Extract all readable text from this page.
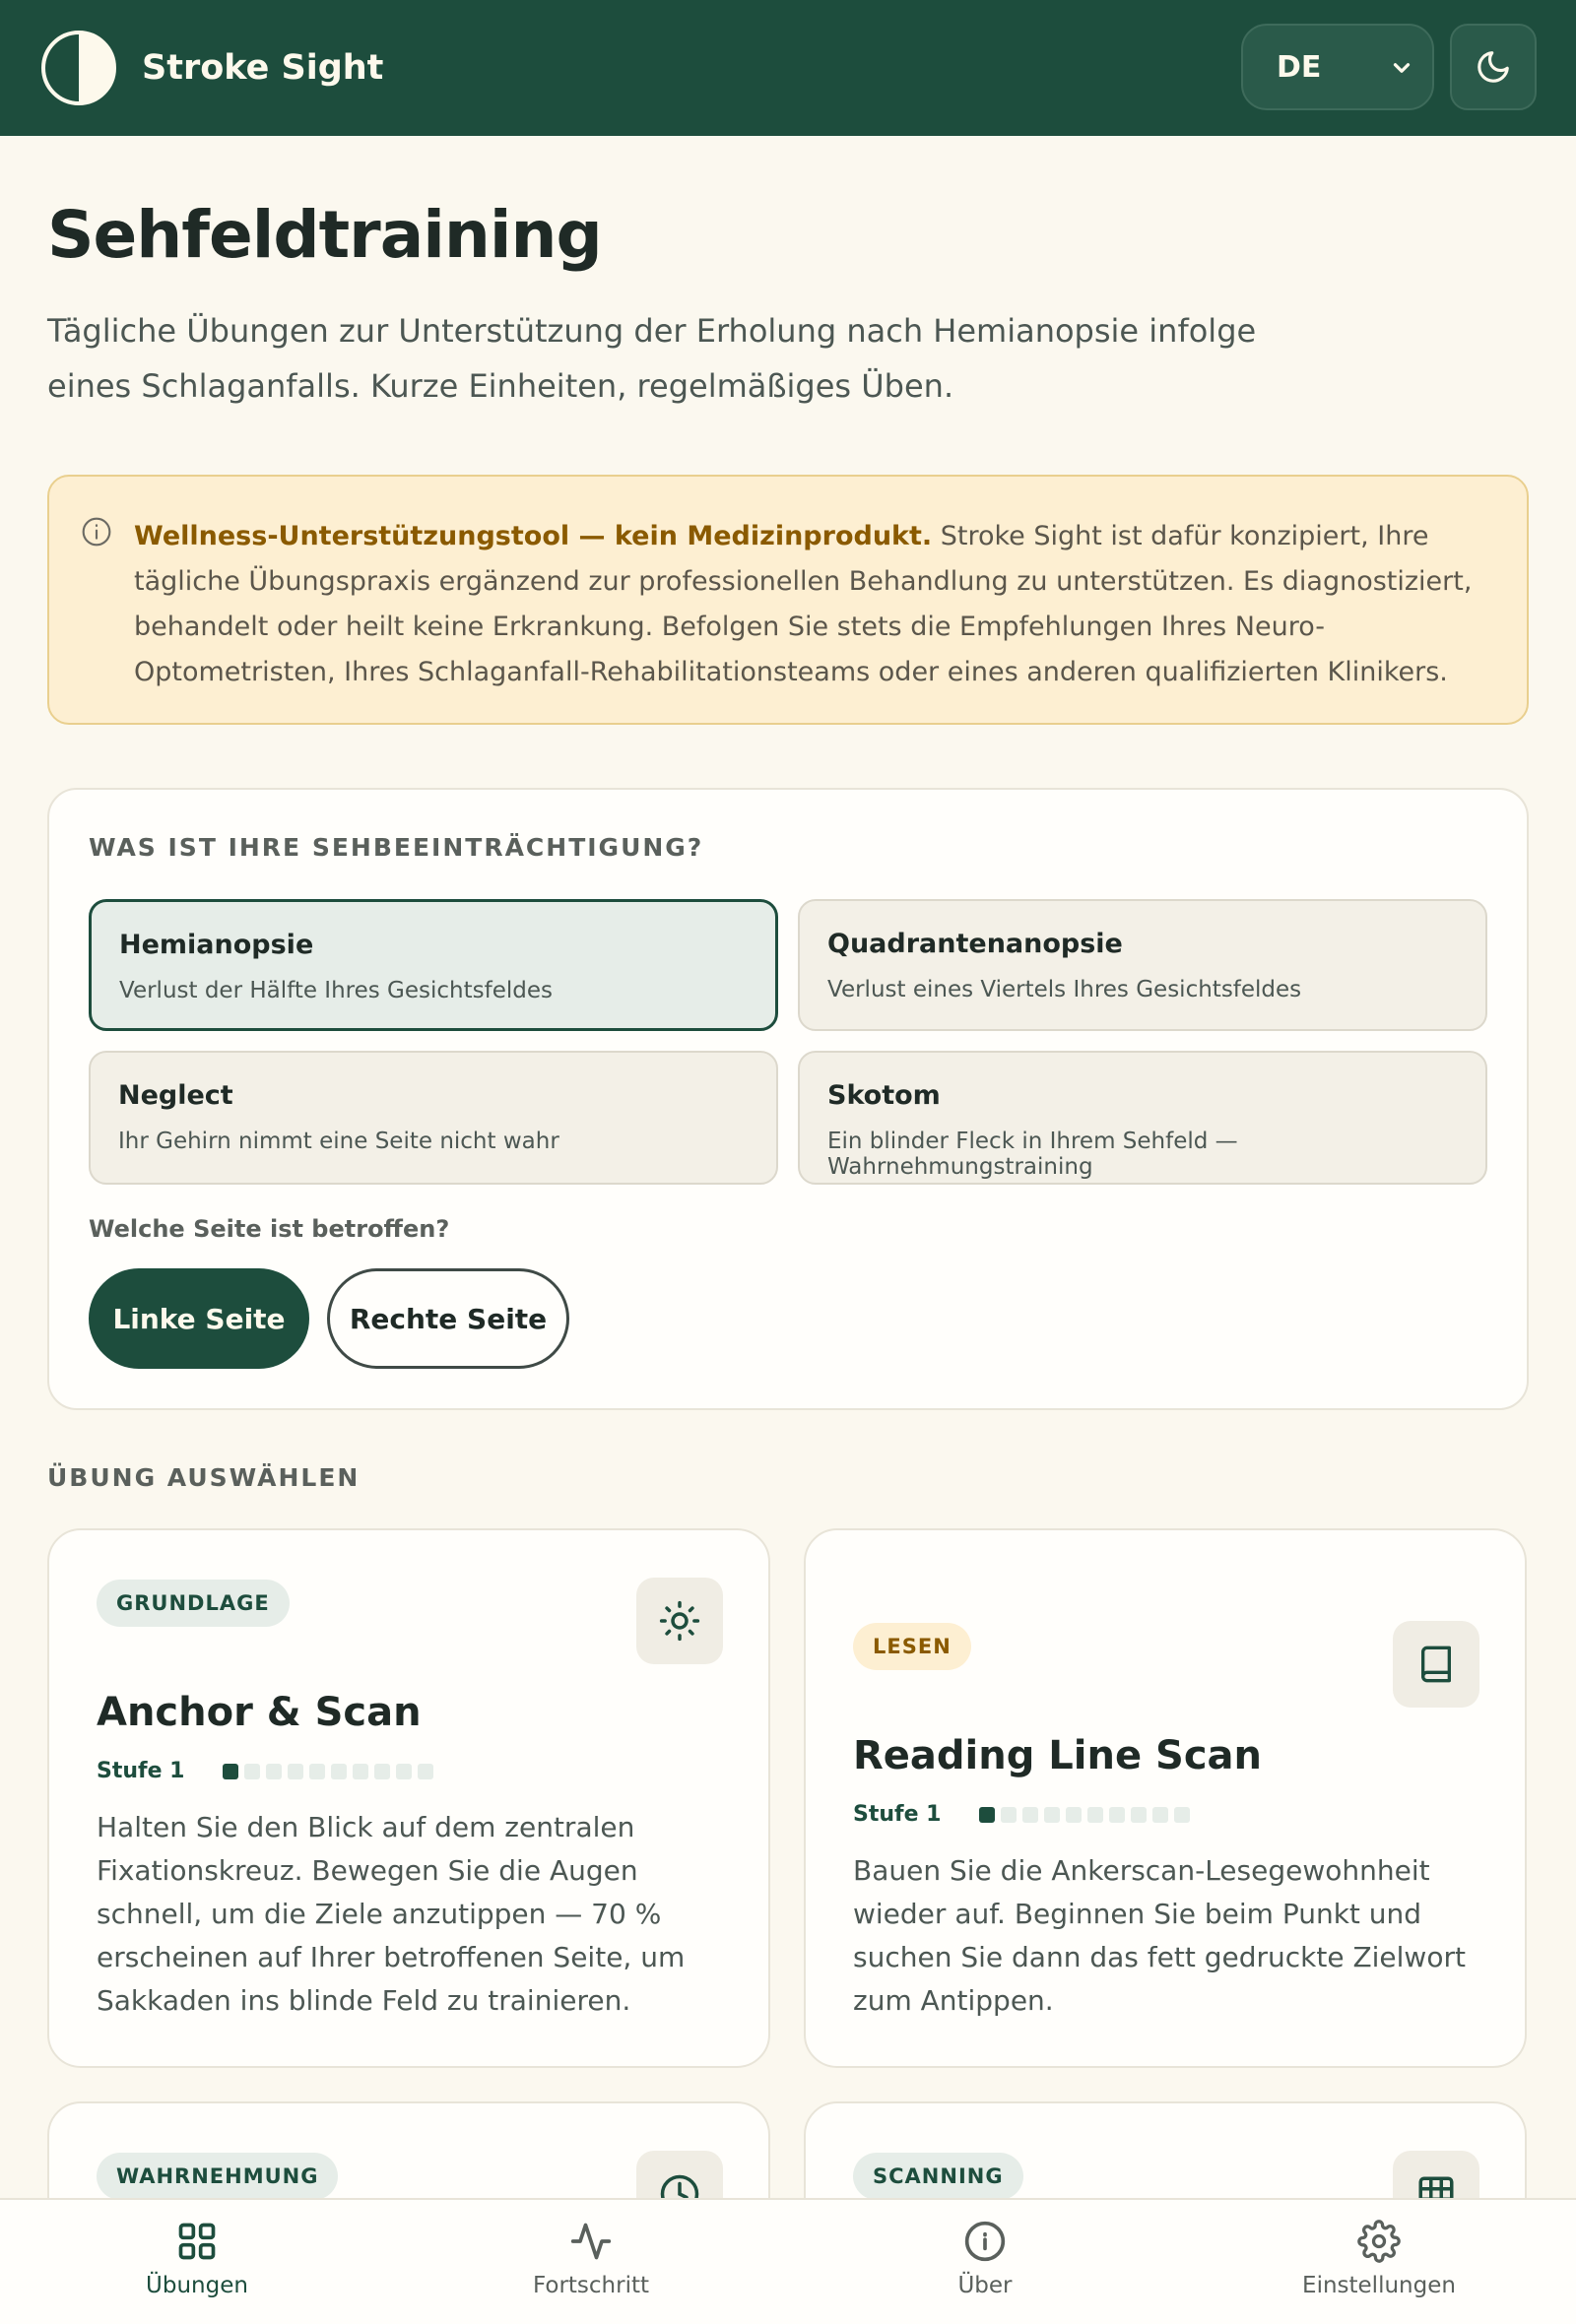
Stroke Sight	DE
Sehfeldtraining

Tägliche Übungen zur Unterstützung der Erholung nach Hemianopsie infolge eines Schlaganfalls. Kurze Einheiten, regelmäßiges Üben.

Wellness-Unterstützungstool — kein Medizinprodukt. Stroke Sight ist dafür konzipiert, Ihre tägliche Übungspraxis ergänzend zur professionellen Behandlung zu unterstützen. Es diagnostiziert, behandelt oder heilt keine Erkrankung. Befolgen Sie stets die Empfehlungen Ihres Neuro-Optometristen, Ihres Schlaganfall-Rehabilitationsteams oder eines anderen qualifizierten Klinikers.
WAS IST IHRE SEHBEEINTRÄCHTIGUNG?
Hemianopsie
Verlust der Hälfte Ihres Gesichtsfeldes
Quadrantenanopsie
Verlust eines Viertels Ihres Gesichtsfeldes
Neglect
Ihr Gehirn nimmt eine Seite nicht wahr
Skotom
Ein blinder Fleck in Ihrem Sehfeld — Wahrnehmungstraining
Welche Seite ist betroffen?
Linke Seite	Rechte Seite
ÜBUNG AUSWÄHLEN
GRUNDLAGE
Anchor & Scan
Stufe 1
Halten Sie den Blick auf dem zentralen Fixationskreuz. Bewegen Sie die Augen schnell, um die Ziele anzutippen — 70 % erscheinen auf Ihrer betroffenen Seite, um Sakkaden ins blinde Feld zu trainieren.
LESEN
Reading Line Scan
Stufe 1
Bauen Sie die Ankerscan-Lesegewohnheit wieder auf. Beginnen Sie beim Punkt und suchen Sie dann das fett gedruckte Zielwort zum Antippen.
WAHRNEHMUNG	SCANNING
Übungen	Fortschritt	Über	Einstellungen
